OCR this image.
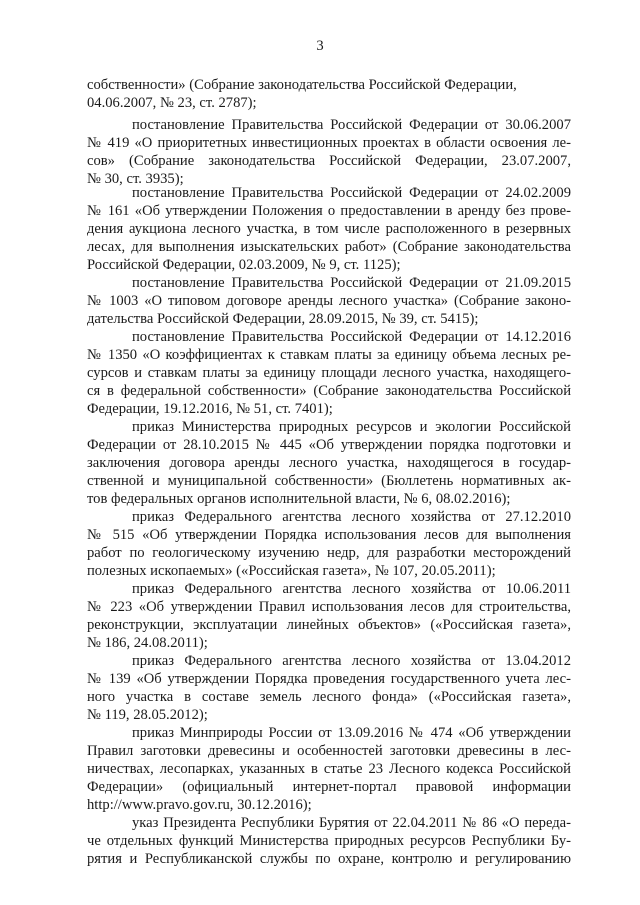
3
собственности» (Собрание законодательства Российской Федерации,
04.06.2007, № 23, ст. 2787);
постановление Правительства Российской Федерации от 30.06.2007
№ 419 «О приоритетных инвестиционных проектах в области освоения ле-
сов» (Собрание законодательства Российской Федерации, 23.07.2007,
№ 30, ст. 3935);
постановление Правительства Российской Федерации от 24.02.2009
№ 161 «Об утверждении Положения о предоставлении в аренду без прове-
дения аукциона лесного участка, в том числе расположенного в резервных
лесах, для выполнения изыскательских работ» (Собрание законодательства
Российской Федерации, 02.03.2009, № 9, ст. 1125);
постановление Правительства Российской Федерации от 21.09.2015
№ 1003 «О типовом договоре аренды лесного участка» (Собрание законо-
дательства Российской Федерации, 28.09.2015, № 39, ст. 5415);
постановление Правительства Российской Федерации от 14.12.2016
№ 1350 «О коэффициентах к ставкам платы за единицу объема лесных ре-
сурсов и ставкам платы за единицу площади лесного участка, находящего-
ся в федеральной собственности» (Собрание законодательства Российской
Федерации, 19.12.2016, № 51, ст. 7401);
приказ Министерства природных ресурсов и экологии Российской
Федерации от 28.10.2015 № 445 «Об утверждении порядка подготовки и
заключения договора аренды лесного участка, находящегося в государ-
ственной и муниципальной собственности» (Бюллетень нормативных ак-
тов федеральных органов исполнительной власти, № 6, 08.02.2016);
приказ Федерального агентства лесного хозяйства от 27.12.2010
№ 515 «Об утверждении Порядка использования лесов для выполнения
работ по геологическому изучению недр, для разработки месторождений
полезных ископаемых» («Российская газета», № 107, 20.05.2011);
приказ Федерального агентства лесного хозяйства от 10.06.2011
№ 223 «Об утверждении Правил использования лесов для строительства,
реконструкции, эксплуатации линейных объектов» («Российская газета»,
№ 186, 24.08.2011);
приказ Федерального агентства лесного хозяйства от 13.04.2012
№ 139 «Об утверждении Порядка проведения государственного учета лес-
ного участка в составе земель лесного фонда» («Российская газета»,
№ 119, 28.05.2012);
приказ Минприроды России от 13.09.2016 № 474 «Об утверждении
Правил заготовки древесины и особенностей заготовки древесины в лес-
ничествах, лесопарках, указанных в статье 23 Лесного кодекса Российской
Федерации» (официальный интернет-портал правовой информации
http://www.pravo.gov.ru, 30.12.2016);
указ Президента Республики Бурятия от 22.04.2011 № 86 «О переда-
че отдельных функций Министерства природных ресурсов Республики Бу-
рятия и Республиканской службы по охране, контролю и регулированию
